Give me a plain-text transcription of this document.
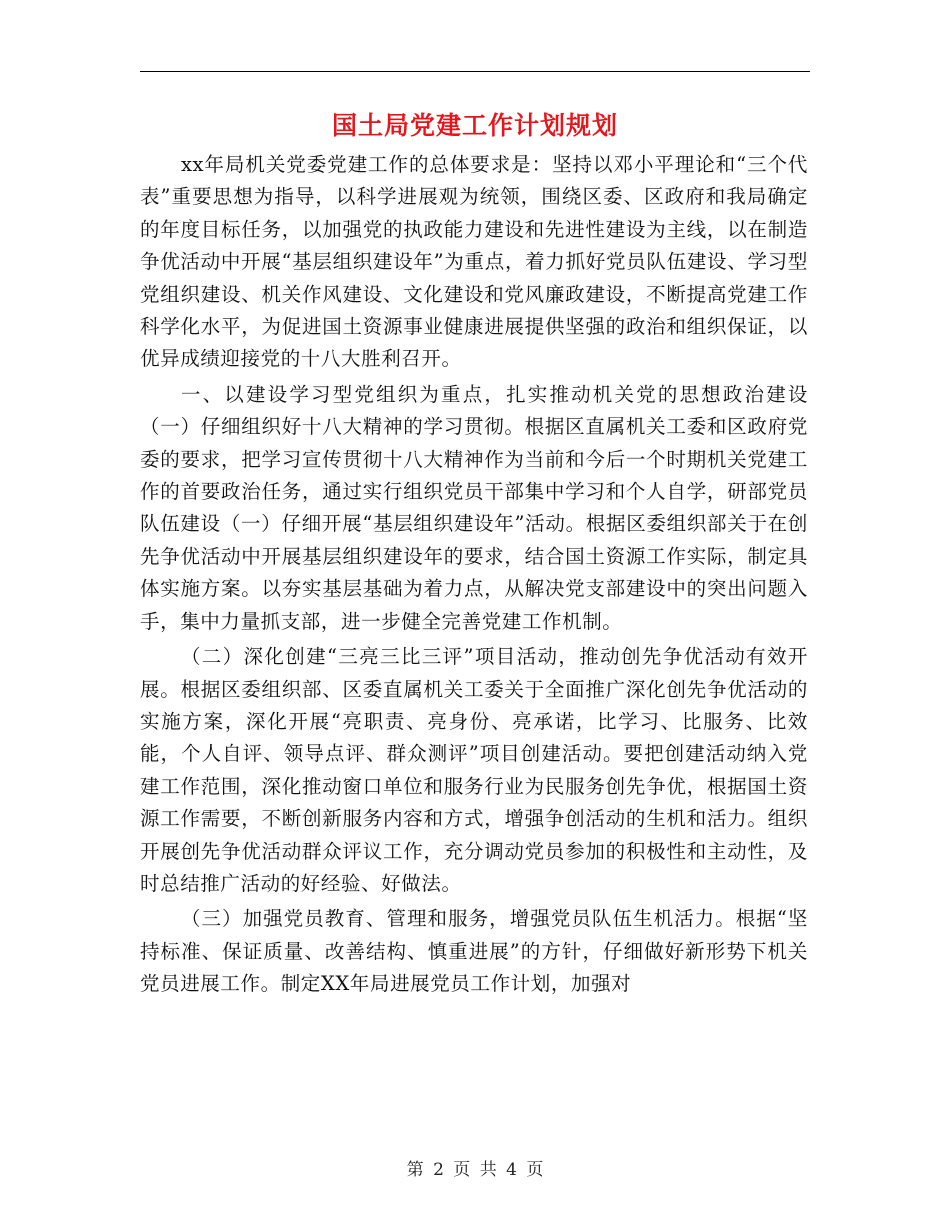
国土局党建工作计划规划

xx年局机关党委党建工作的总体要求是：坚持以邓小平理论和“三个代表”重要思想为指导，以科学进展观为统领，围绕区委、区政府和我局确定的年度目标任务，以加强党的执政能力建设和先进性建设为主线，以在制造争优活动中开展“基层组织建设年”为重点，着力抓好党员队伍建设、学习型党组织建设、机关作风建设、文化建设和党风廉政建设，不断提高党建工作科学化水平，为促进国土资源事业健康进展提供坚强的政治和组织保证，以优异成绩迎接党的十八大胜利召开。

一、以建设学习型党组织为重点，扎实推动机关党的思想政治建设（一）仔细组织好十八大精神的学习贯彻。根据区直属机关工委和区政府党委的要求，把学习宣传贯彻十八大精神作为当前和今后一个时期机关党建工作的首要政治任务，通过实行组织党员干部集中学习和个人自学，研部党员队伍建设（一）仔细开展“基层组织建设年”活动。根据区委组织部关于在创先争优活动中开展基层组织建设年的要求，结合国土资源工作实际，制定具体实施方案。以夯实基层基础为着力点，从解决党支部建设中的突出问题入手，集中力量抓支部，进一步健全完善党建工作机制。

（二）深化创建“三亮三比三评”项目活动，推动创先争优活动有效开展。根据区委组织部、区委直属机关工委关于全面推广深化创先争优活动的实施方案，深化开展“亮职责、亮身份、亮承诺，比学习、比服务、比效能，个人自评、领导点评、群众测评”项目创建活动。要把创建活动纳入党建工作范围，深化推动窗口单位和服务行业为民服务创先争优，根据国土资源工作需要，不断创新服务内容和方式，增强争创活动的生机和活力。组织开展创先争优活动群众评议工作，充分调动党员参加的积极性和主动性，及时总结推广活动的好经验、好做法。

（三）加强党员教育、管理和服务，增强党员队伍生机活力。根据“坚持标准、保证质量、改善结构、慎重进展”的方针，仔细做好新形势下机关党员进展工作。制定XX年局进展党员工作计划，加强对

第 2 页 共 4 页
